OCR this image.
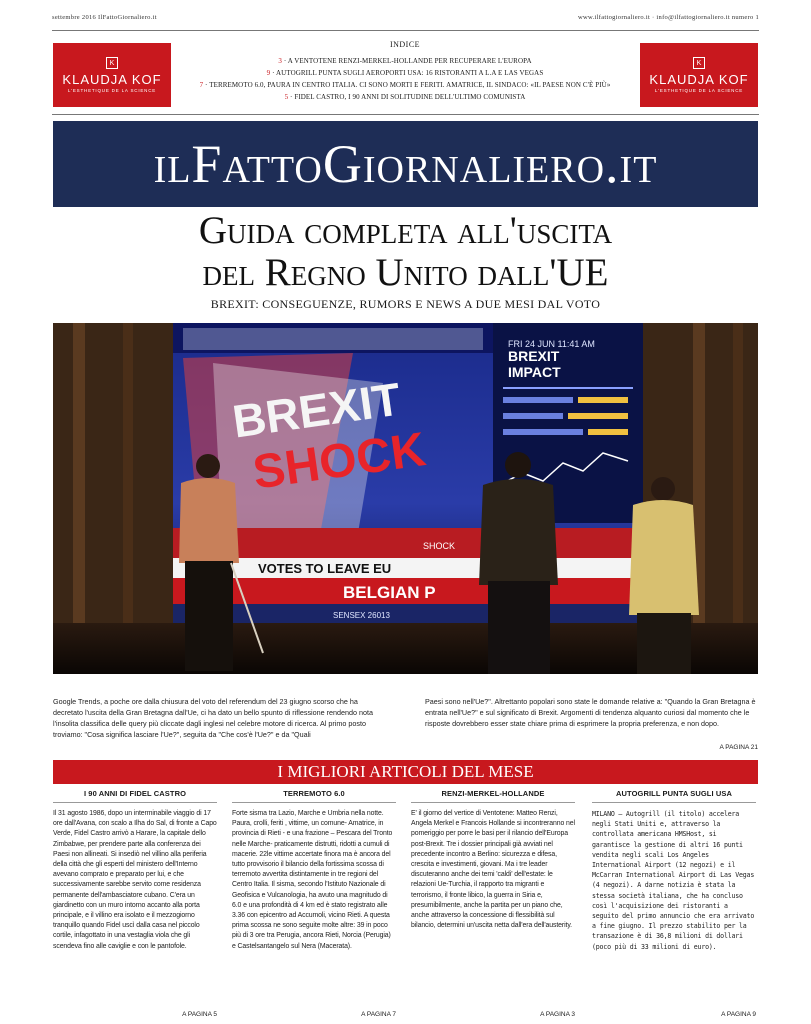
settembre 2016 IlFattoGiornaliero.it	www.ilfattogiornaliero.it · info@ilfattogiornaliero.it numero 1
K
KLAUDJA KOF
L'ESTHETIQUE DE LA SCIENCE
K
KLAUDJA KOF
L'ESTHETIQUE DE LA SCIENCE
INDICE
3 · A VENTOTENE RENZI-MERKEL-HOLLANDE PER RECUPERARE L'EUROPA
9 · AUTOGRILL PUNTA SUGLI AEROPORTI USA: 16 RISTORANTI A L.A E LAS VEGAS
7 · TERREMOTO 6.0, PAURA IN CENTRO ITALIA. CI SONO MORTI E FERITI. AMATRICE, IL SINDACO: «IL PAESE NON C'È PIÙ»
5 · FIDEL CASTRO, I 90 ANNI DI SOLITUDINE DELL'ULTIMO COMUNISTA
ilFattoGiornaliero.it
Guida completa all'uscita
del Regno Unito dall'UE
BREXIT: CONSEGUENZE, RUMORS E NEWS A DUE MESI DAL VOTO
FRI 24 JUN 11:41 AM
BREXIT
IMPACT
BREXIT
SHOCK
SHOCK
VOTES TO LEAVE EU
BELGIAN P
SENSEX 26013
Google Trends, a poche ore dalla chiusura del voto del referendum del 23 giugno scorso che ha decretato l'uscita della Gran Bretagna dall'Ue, ci ha dato un bello spunto di riflessione rendendo nota l'insolita classifica delle query più cliccate dagli inglesi nel celebre motore di ricerca. Al primo posto troviamo: "Cosa significa lasciare l'Ue?", seguita da "Che cos'è l'Ue?" e da "Quali
Paesi sono nell'Ue?". Altrettanto popolari sono state le domande relative a: "Quando la Gran Bretagna è entrata nell'Ue?" e sul significato di Brexit. Argomenti di tendenza alquanto curiosi dal momento che le risposte dovrebbero esser state chiare prima di esprimere la propria preferenza, e non dopo.
A PAGINA 21
I MIGLIORI ARTICOLI DEL MESE
I 90 ANNI DI FIDEL CASTRO
Il 31 agosto 1986, dopo un interminabile viaggio di 17 ore dall'Avana, con scalo a Ilha do Sal, di fronte a Capo Verde, Fidel Castro arrivò a Harare, la capitale dello Zimbabwe, per prendere parte alla conferenza dei Paesi non allineati. Si insediò nel villino alla periferia della città che gli esperti del ministero dell'Interno avevano comprato e preparato per lui, e che successivamente sarebbe servito come residenza permanente dell'ambasciatore cubano. C'era un giardinetto con un muro intorno accanto alla porta principale, e il villino era isolato e il mezzogiorno tranquillo quando Fidel uscì dalla casa nel piccolo cortile, infagottato in una vestaglia viola che gli scendeva fino alle caviglie e con le pantofole.
A PAGINA 5
TERREMOTO 6.0
Forte sisma tra Lazio, Marche e Umbria nella notte. Paura, crolli, feriti , vittime, un comune- Amatrice, in provincia di Rieti - e una frazione – Pescara del Tronto nelle Marche- praticamente distrutti, ridotti a cumuli di macerie. 22le vittime accertate finora ma è ancora del tutto provvisorio il bilancio della fortissima scossa di terremoto avvertita distintamente in tre regioni del Centro Italia. Il sisma, secondo l'Istituto Nazionale di Geofisica e Vulcanologia, ha avuto una magnitudo di 6.0 e una profondità di 4 km ed è stato registrato alle 3.36 con epicentro ad Accumoli, vicino Rieti. A questa prima scossa ne sono seguite molte altre: 39 in poco più di 3 ore tra Perugia, ancora Rieti, Norcia (Perugia) e Castelsantangelo sul Nera (Macerata).
A PAGINA 7
RENZI-MERKEL-HOLLANDE
E' il giorno del vertice di Ventotene: Matteo Renzi, Angela Merkel e Francois Hollande si incontreranno nel pomeriggio per porre le basi per il rilancio dell'Europa post-Brexit. Tre i dossier principali già avviati nel precedente incontro a Berlino: sicurezza e difesa, crescita e investimenti, giovani. Ma i tre leader discuteranno anche dei temi 'caldi' dell'estate: le relazioni Ue-Turchia, il rapporto tra migranti e terrorismo, il fronte libico, la guerra in Siria e, presumibilmente, anche la partita per un piano che, anche attraverso la concessione di flessibilità sul bilancio, determini un'uscita netta dall'era dell'austerity.
A PAGINA 3
AUTOGRILL PUNTA SUGLI USA
MILANO – Autogrill (il titolo) accelera negli Stati Uniti e, attraverso la controllata americana HMSHost, si garantisce la gestione di altri 16 punti vendita negli scali Los Angeles International Airport (12 negozi) e il McCarran International Airport di Las Vegas (4 negozi). A darne notizia è stata la stessa società italiana, che ha concluso così l'acquisizione dei ristoranti a seguito del primo annuncio che era arrivato a fine giugno. Il prezzo stabilito per la transazione è di 36,8 milioni di dollari (poco più di 33 milioni di euro).
A PAGINA 9
